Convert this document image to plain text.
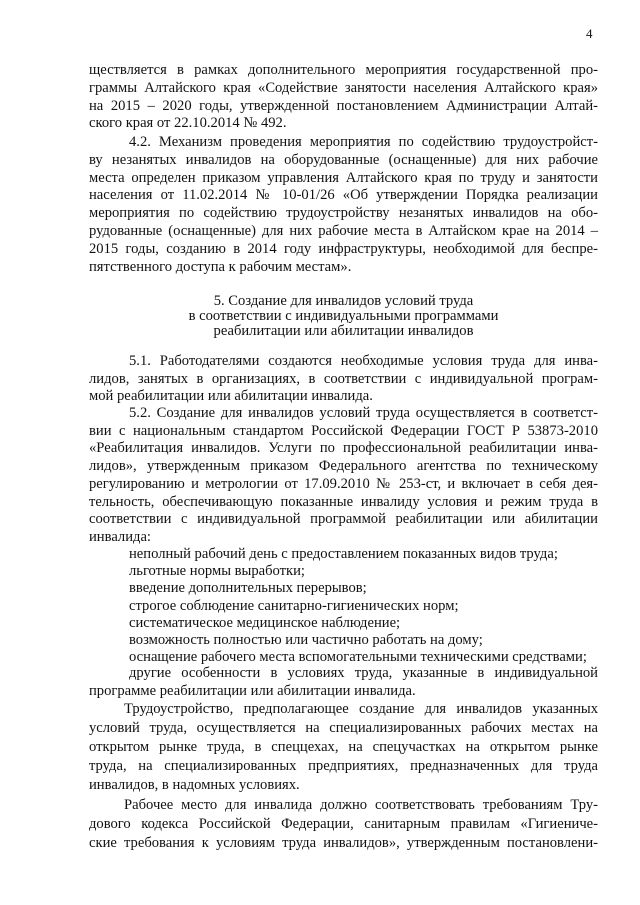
4
ществляется в рамках дополнительного мероприятия государственной про-
граммы Алтайского края «Содействие занятости населения Алтайского края»
на 2015 – 2020 годы, утвержденной постановлением Администрации Алтай-
ского края от 22.10.2014 № 492.
4.2. Механизм проведения мероприятия по содействию трудоустройст-
ву незанятых инвалидов на оборудованные (оснащенные) для них рабочие
места определен приказом управления Алтайского края по труду и занятости
населения от 11.02.2014 № 10-01/26 «Об утверждении Порядка реализации
мероприятия по содействию трудоустройству незанятых инвалидов на обо-
рудованные (оснащенные) для них рабочие места в Алтайском крае на 2014 –
2015 годы, созданию в 2014 году инфраструктуры, необходимой для беспре-
пятственного доступа к рабочим местам».
5. Создание для инвалидов условий труда
в соответствии с индивидуальными программами
реабилитации или абилитации инвалидов
5.1. Работодателями создаются необходимые условия труда для инва-
лидов, занятых в организациях, в соответствии с индивидуальной програм-
мой реабилитации или абилитации инвалида.
5.2. Создание для инвалидов условий труда осуществляется в соответст-
вии с национальным стандартом Российской Федерации ГОСТ Р 53873-2010
«Реабилитация инвалидов. Услуги по профессиональной реабилитации инва-
лидов», утвержденным приказом Федерального агентства по техническому
регулированию и метрологии от 17.09.2010 № 253-ст, и включает в себя дея-
тельность, обеспечивающую показанные инвалиду условия и режим труда в
соответствии с индивидуальной программой реабилитации или абилитации
инвалида:
неполный рабочий день с предоставлением показанных видов труда;
льготные нормы выработки;
введение дополнительных перерывов;
строгое соблюдение санитарно-гигиенических норм;
систематическое медицинское наблюдение;
возможность полностью или частично работать на дому;
оснащение рабочего места вспомогательными техническими средствами;
другие особенности в условиях труда, указанные в индивидуальной
программе реабилитации или абилитации инвалида.
Трудоустройство, предполагающее создание для инвалидов указанных
условий труда, осуществляется на специализированных рабочих местах на
открытом рынке труда, в спеццехах, на спецучастках на открытом рынке
труда, на специализированных предприятиях, предназначенных для труда
инвалидов, в надомных условиях.
Рабочее место для инвалида должно соответствовать требованиям Тру-
дового кодекса Российской Федерации, санитарным правилам «Гигиениче-
ские требования к условиям труда инвалидов», утвержденным постановлени-
